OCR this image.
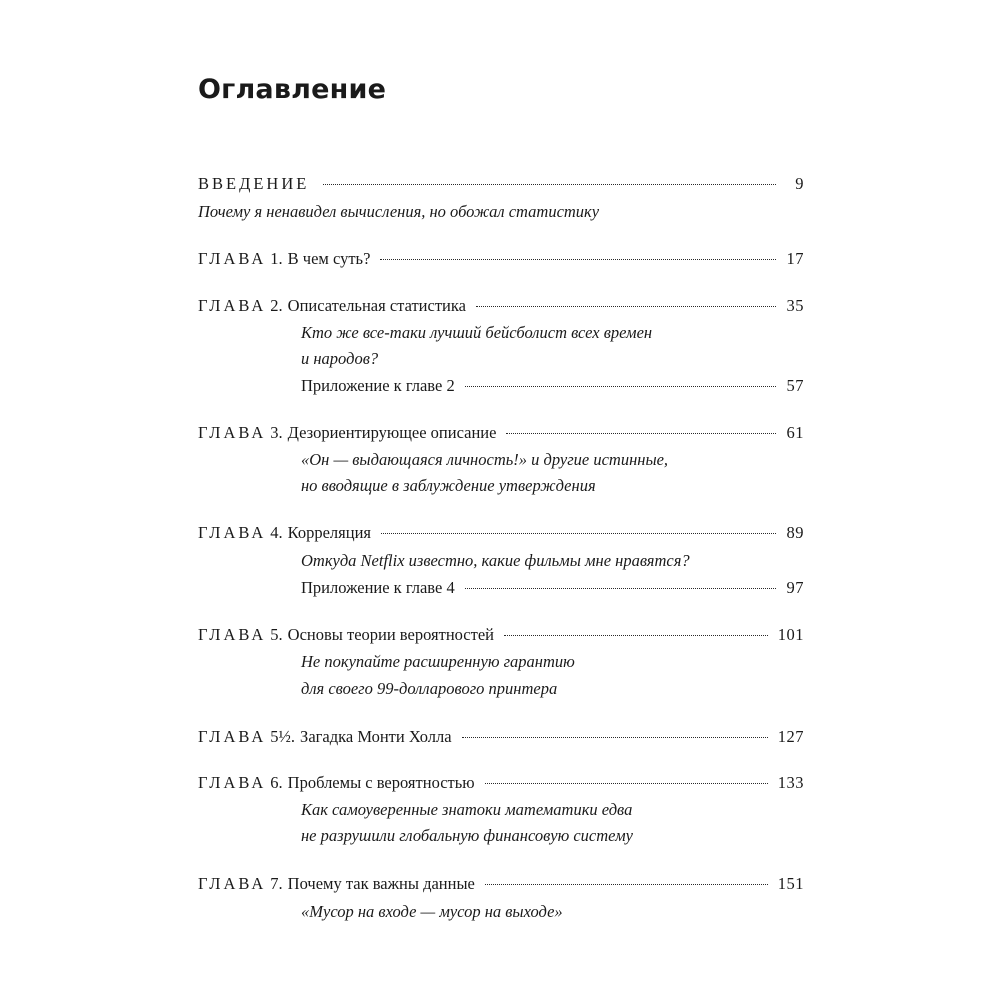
Оглавление
ВВЕДЕНИЕ	9
Почему я ненавидел вычисления, но обожал статистику
ГЛАВА 1 . В чем суть?	17
ГЛАВА 2 . Описательная статистика	35
Кто же все-таки лучший бейсболист всех времен
и народов?
Приложение к главе 2	57
ГЛАВА 3 . Дезориентирующее описание	61
«Он — выдающаяся личность!» и другие истинные,
но вводящие в заблуждение утверждения
ГЛАВА 4 . Корреляция	89
Откуда Netflix известно, какие фильмы мне нравятся?
Приложение к главе 4	97
ГЛАВА 5 . Основы теории вероятностей	101
Не покупайте расширенную гарантию
для своего 99-долларового принтера
ГЛАВА 5½ . Загадка Монти Холла	127
ГЛАВА 6 . Проблемы с вероятностью	133
Как самоуверенные знатоки математики едва
не разрушили глобальную финансовую систему
ГЛАВА 7 . Почему так важны данные	151
«Мусор на входе — мусор на выходе»
